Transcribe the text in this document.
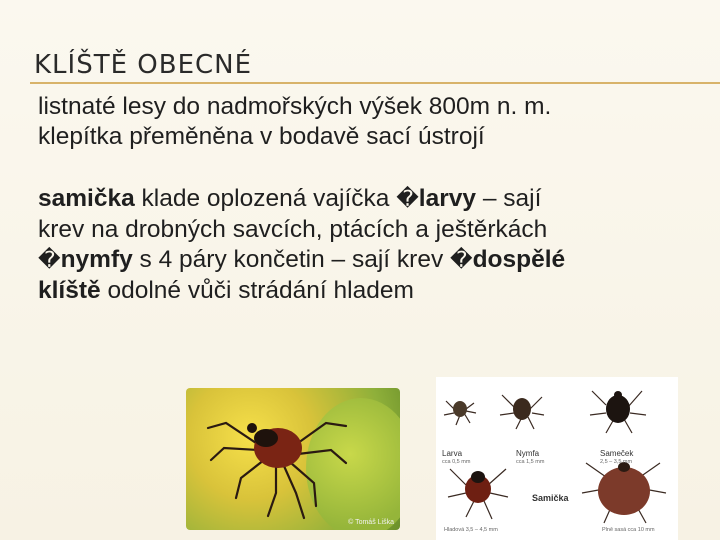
KLÍŠTĚ OBECNÉ
listnaté lesy do nadmořských výšek 800m n. m.
klepítka přeměněna v bodavě sací ústrojí
samička klade oplozená vajíčka �larvy – sají
krev na drobných savcích, ptácích a ještěrkách
�nymfy s 4 páry končetin – sají krev �dospělé
klíště odolné vůči strádání hladem
© Tomáš Liška
Larva
cca 0,5 mm
Nymfa
cca 1,5 mm
Sameček
2,5 – 3,5 mm
Samička
Hladová 3,5 – 4,5 mm	Plně sasá cca 10 mm
